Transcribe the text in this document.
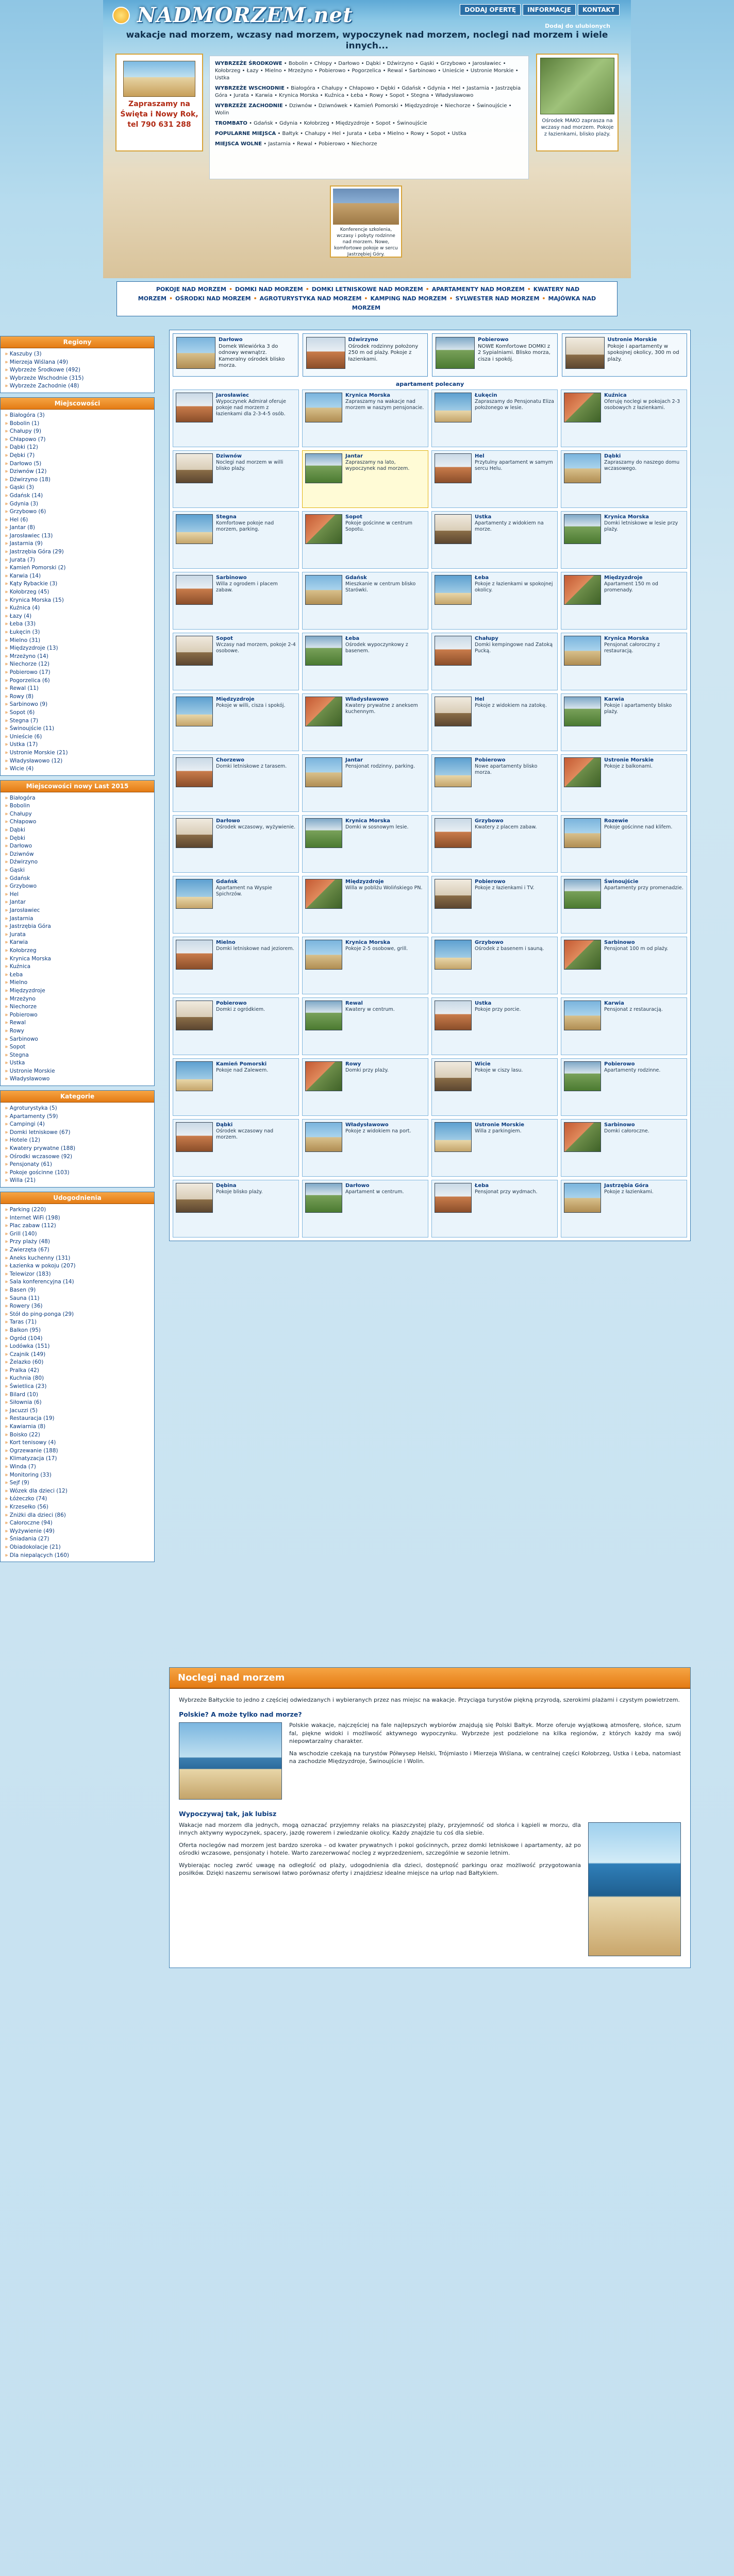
NADMORZEM.net	DODAJ OFERTĘ	INFORMACJE	KONTAKT
Dodaj do ulubionych
wakacje nad morzem, wczasy nad morzem, wypoczynek nad morzem, noclegi nad morzem i wiele innych...
Zapraszamy na Święta i Nowy Rok, tel 790 631 288
WYBRZEŻE ŚRODKOWE • Bobolin • Chłopy • Darłowo • Dąbki • Dźwirzyno • Gąski • Grzybowo • Jarosławiec • Kołobrzeg • Łazy • Mielno • Mrzeżyno • Pobierowo • Pogorzelica • Rewal • Sarbinowo • Unieście • Ustronie Morskie • Ustka
WYBRZEŻE WSCHODNIE • Białogóra • Chałupy • Chłapowo • Dębki • Gdańsk • Gdynia • Hel • Jastarnia • Jastrzębia Góra • Jurata • Karwia • Krynica Morska • Kuźnica • Łeba • Rowy • Sopot • Stegna • Władysławowo
WYBRZEŻE ZACHODNIE • Dziwnów • Dziwnówek • Kamień Pomorski • Międzyzdroje • Niechorze • Świnoujście • Wolin
TROMBATO • Gdańsk • Gdynia • Kołobrzeg • Międzyzdroje • Sopot • Świnoujście
POPULARNE MIEJSCA • Bałtyk • Chałupy • Hel • Jurata • Łeba • Mielno • Rowy • Sopot • Ustka
MIEJSCA WOLNE • Jastarnia • Rewal • Pobierowo • Niechorze
Ośrodek MAKO zaprasza na wczasy nad morzem. Pokoje z łazienkami, blisko plaży.
Konferencje szkolenia, wczasy i pobyty rodzinne nad morzem. Nowe, komfortowe pokoje w sercu Jastrzębiej Góry.
POKOJE NAD MORZEM • DOMKI NAD MORZEM • DOMKI LETNISKOWE NAD MORZEM • APARTAMENTY NAD MORZEM • KWATERY NAD MORZEM • OŚRODKI NAD MORZEM • AGROTURYSTYKA NAD MORZEM • KAMPING NAD MORZEM • SYLWESTER NAD MORZEM • MAJÓWKA NAD MORZEM
Regiony
» Kaszuby (3)
» Mierzeja Wiślana (49)
» Wybrzeże Środkowe (492)
» Wybrzeże Wschodnie (315)
» Wybrzeże Zachodnie (48)
Miejscowości
» Białogóra (3)
» Bobolin (1)
» Chałupy (9)
» Chłapowo (7)
» Dąbki (12)
» Dębki (7)
» Darłowo (5)
» Dziwnów (12)
» Dźwirzyno (18)
» Gąski (3)
» Gdańsk (14)
» Gdynia (3)
» Grzybowo (6)
» Hel (6)
» Jantar (8)
» Jarosławiec (13)
» Jastarnia (9)
» Jastrzębia Góra (29)
» Jurata (7)
» Kamień Pomorski (2)
» Karwia (14)
» Kąty Rybackie (3)
» Kołobrzeg (45)
» Krynica Morska (15)
» Kuźnica (4)
» Łazy (4)
» Łeba (33)
» Łukęcin (3)
» Mielno (31)
» Międzyzdroje (13)
» Mrzeżyno (14)
» Niechorze (12)
» Pobierowo (17)
» Pogorzelica (6)
» Rewal (11)
» Rowy (8)
» Sarbinowo (9)
» Sopot (6)
» Stegna (7)
» Świnoujście (11)
» Unieście (6)
» Ustka (17)
» Ustronie Morskie (21)
» Władysławowo (12)
» Wicie (4)
Miejscowości nowy Last 2015
» Białogóra
» Bobolin
» Chałupy
» Chłapowo
» Dąbki
» Dębki
» Darłowo
» Dziwnów
» Dźwirzyno
» Gąski
» Gdańsk
» Grzybowo
» Hel
» Jantar
» Jarosławiec
» Jastarnia
» Jastrzębia Góra
» Jurata
» Karwia
» Kołobrzeg
» Krynica Morska
» Kuźnica
» Łeba
» Mielno
» Międzyzdroje
» Mrzeżyno
» Niechorze
» Pobierowo
» Rewal
» Rowy
» Sarbinowo
» Sopot
» Stegna
» Ustka
» Ustronie Morskie
» Władysławowo
Kategorie
» Agroturystyka (5)
» Apartamenty (59)
» Campingi (4)
» Domki letniskowe (67)
» Hotele (12)
» Kwatery prywatne (188)
» Ośrodki wczasowe (92)
» Pensjonaty (61)
» Pokoje gościnne (103)
» Willa (21)
Udogodnienia
» Parking (220)
» Internet WiFi (198)
» Plac zabaw (112)
» Grill (140)
» Przy plaży (48)
» Zwierzęta (67)
» Aneks kuchenny (131)
» Łazienka w pokoju (207)
» Telewizor (183)
» Sala konferencyjna (14)
» Basen (9)
» Sauna (11)
» Rowery (36)
» Stół do ping-ponga (29)
» Taras (71)
» Balkon (95)
» Ogród (104)
» Lodówka (151)
» Czajnik (149)
» Żelazko (60)
» Pralka (42)
» Kuchnia (80)
» Świetlica (23)
» Bilard (10)
» Siłownia (6)
» Jacuzzi (5)
» Restauracja (19)
» Kawiarnia (8)
» Boisko (22)
» Kort tenisowy (4)
» Ogrzewanie (188)
» Klimatyzacja (17)
» Winda (7)
» Monitoring (33)
» Sejf (9)
» Wózek dla dzieci (12)
» Łóżeczko (74)
» Krzesełko (56)
» Zniżki dla dzieci (86)
» Całoroczne (94)
» Wyżywienie (49)
» Śniadania (27)
» Obiadokolacje (21)
» Dla niepalących (160)
Darłowo
Domek Wiewiórka 3 do odnowy wewnątrz. Kameralny ośrodek blisko morza.
Dźwirzyno
Ośrodek rodzinny położony 250 m od plaży. Pokoje z łazienkami.
Pobierowo
NOWE Komfortowe DOMKI z 2 Sypialniami. Blisko morza, cisza i spokój.
Ustronie Morskie
Pokoje i apartamenty w spokojnej okolicy, 300 m od plaży.
apartament polecany
Jarosławiec
Wypoczynek Admirał oferuje pokoje nad morzem z łazienkami dla 2-3-4-5 osób.
Krynica Morska
Zapraszamy na wakacje nad morzem w naszym pensjonacie.
Łukęcin
Zapraszamy do Pensjonatu Eliza położonego w lesie.
Kuźnica
Oferuję noclegi w pokojach 2-3 osobowych z łazienkami.
Dziwnów
Noclegi nad morzem w willi blisko plaży.
Jantar
Zapraszamy na lato, wypoczynek nad morzem.
Hel
Przytulny apartament w samym sercu Helu.
Dąbki
Zapraszamy do naszego domu wczasowego.
Stegna
Komfortowe pokoje nad morzem, parking.
Sopot
Pokoje gościnne w centrum Sopotu.
Ustka
Apartamenty z widokiem na morze.
Krynica Morska
Domki letniskowe w lesie przy plaży.
Sarbinowo
Willa z ogrodem i placem zabaw.
Gdańsk
Mieszkanie w centrum blisko Starówki.
Łeba
Pokoje z łazienkami w spokojnej okolicy.
Międzyzdroje
Apartament 150 m od promenady.
Sopot
Wczasy nad morzem, pokoje 2-4 osobowe.
Łeba
Ośrodek wypoczynkowy z basenem.
Chałupy
Domki kempingowe nad Zatoką Pucką.
Krynica Morska
Pensjonat całoroczny z restauracją.
Międzyzdroje
Pokoje w willi, cisza i spokój.
Władysławowo
Kwatery prywatne z aneksem kuchennym.
Hel
Pokoje z widokiem na zatokę.
Karwia
Pokoje i apartamenty blisko plaży.
Chorzewo
Domki letniskowe z tarasem.
Jantar
Pensjonat rodzinny, parking.
Pobierowo
Nowe apartamenty blisko morza.
Ustronie Morskie
Pokoje z balkonami.
Darłowo
Ośrodek wczasowy, wyżywienie.
Krynica Morska
Domki w sosnowym lesie.
Grzybowo
Kwatery z placem zabaw.
Rozewie
Pokoje gościnne nad klifem.
Gdańsk
Apartament na Wyspie Spichrzów.
Międzyzdroje
Willa w pobliżu Wolińskiego PN.
Pobierowo
Pokoje z łazienkami i TV.
Świnoujście
Apartamenty przy promenadzie.
Mielno
Domki letniskowe nad jeziorem.
Krynica Morska
Pokoje 2-5 osobowe, grill.
Grzybowo
Ośrodek z basenem i sauną.
Sarbinowo
Pensjonat 100 m od plaży.
Pobierowo
Domki z ogródkiem.
Rewal
Kwatery w centrum.
Ustka
Pokoje przy porcie.
Karwia
Pensjonat z restauracją.
Kamień Pomorski
Pokoje nad Zalewem.
Rowy
Domki przy plaży.
Wicie
Pokoje w ciszy lasu.
Pobierowo
Apartamenty rodzinne.
Dąbki
Ośrodek wczasowy nad morzem.
Władysławowo
Pokoje z widokiem na port.
Ustronie Morskie
Willa z parkingiem.
Sarbinowo
Domki całoroczne.
Dębina
Pokoje blisko plaży.
Darłowo
Apartament w centrum.
Łeba
Pensjonat przy wydmach.
Jastrzębia Góra
Pokoje z łazienkami.
Noclegi nad morzem

Wybrzeże Bałtyckie to jedno z częściej odwiedzanych i wybieranych przez nas miejsc na wakacje. Przyciąga turystów piękną przyrodą, szerokimi plażami i czystym powietrzem.

Polskie? A może tylko nad morze?

Polskie wakacje, najczęściej na fale najlepszych wybiorów znajdują się Polski Bałtyk. Morze oferuje wyjątkową atmosferę, słońce, szum fal, piękne widoki i możliwość aktywnego wypoczynku. Wybrzeże jest podzielone na kilka regionów, z których każdy ma swój niepowtarzalny charakter.

Na wschodzie czekają na turystów Półwysep Helski, Trójmiasto i Mierzeja Wiślana, w centralnej części Kołobrzeg, Ustka i Łeba, natomiast na zachodzie Międzyzdroje, Świnoujście i Wolin.

Wypoczywaj tak, jak lubisz

Wakacje nad morzem dla jednych, mogą oznaczać przyjemny relaks na piaszczystej plaży, przyjemność od słońca i kąpieli w morzu, dla innych aktywny wypoczynek, spacery, jazdę rowerem i zwiedzanie okolicy. Każdy znajdzie tu coś dla siebie.

Oferta noclegów nad morzem jest bardzo szeroka – od kwater prywatnych i pokoi gościnnych, przez domki letniskowe i apartamenty, aż po ośrodki wczasowe, pensjonaty i hotele. Warto zarezerwować nocleg z wyprzedzeniem, szczególnie w sezonie letnim.

Wybierając nocleg zwróć uwagę na odległość od plaży, udogodnienia dla dzieci, dostępność parkingu oraz możliwość przygotowania posiłków. Dzięki naszemu serwisowi łatwo porównasz oferty i znajdziesz idealne miejsce na urlop nad Bałtykiem.
